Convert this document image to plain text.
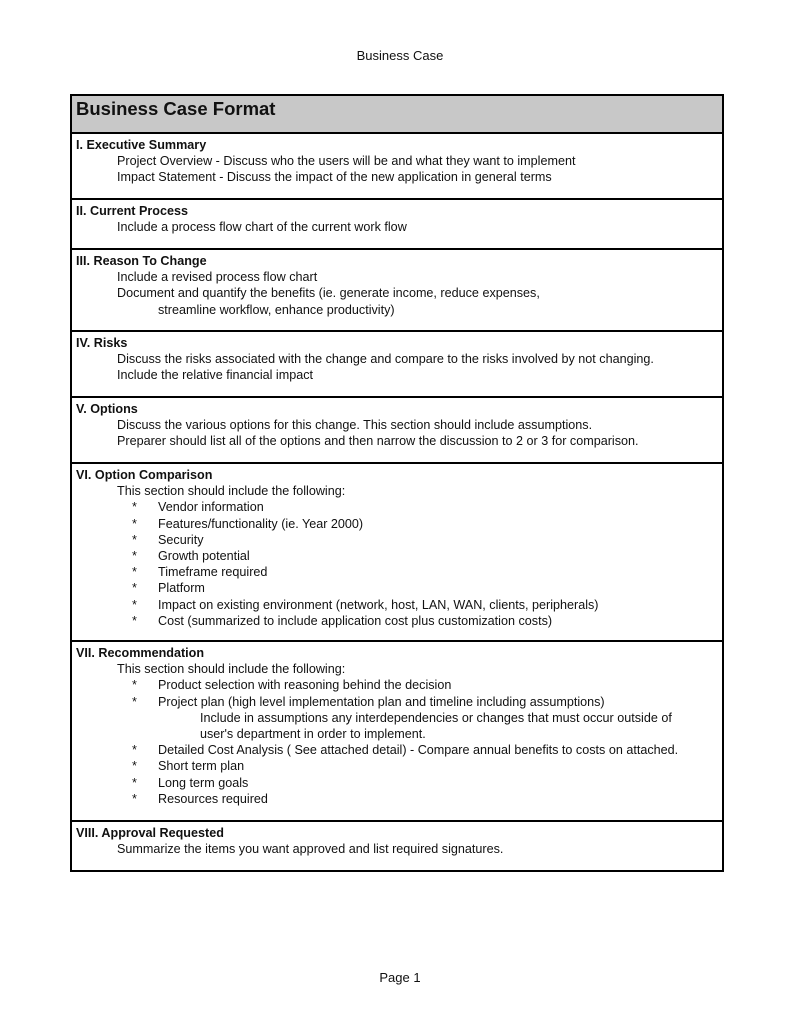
Business Case
Business Case Format
I. Executive Summary
Project Overview - Discuss who the users will be and what they want to implement
Impact Statement - Discuss the impact of the new application in general terms
II. Current Process
Include a process flow chart of the current work flow
III. Reason To Change
Include a revised process flow chart
Document and quantify the benefits (ie. generate income, reduce expenses,
streamline workflow, enhance productivity)
IV. Risks
Discuss the risks associated with the change and compare to the risks involved by not changing.
Include the relative financial impact
V. Options
Discuss the various options for this change. This section should include assumptions.
Preparer should list all of the options and then narrow the discussion to 2 or 3 for comparison.
VI. Option Comparison
This section should include the following:
* Vendor information
* Features/functionality (ie. Year 2000)
* Security
* Growth potential
* Timeframe required
* Platform
* Impact on existing environment (network, host, LAN, WAN, clients, peripherals)
* Cost (summarized to include application cost plus customization costs)
VII. Recommendation
This section should include the following:
* Product selection with reasoning behind the decision
* Project plan (high level implementation plan and timeline including assumptions)
Include in assumptions any interdependencies or changes that must occur outside of
user's department in order to implement.
* Detailed Cost Analysis ( See attached detail) - Compare annual benefits to costs on attached.
* Short term plan
* Long term goals
* Resources required
VIII. Approval Requested
Summarize the items you want approved and list required signatures.
Page 1
